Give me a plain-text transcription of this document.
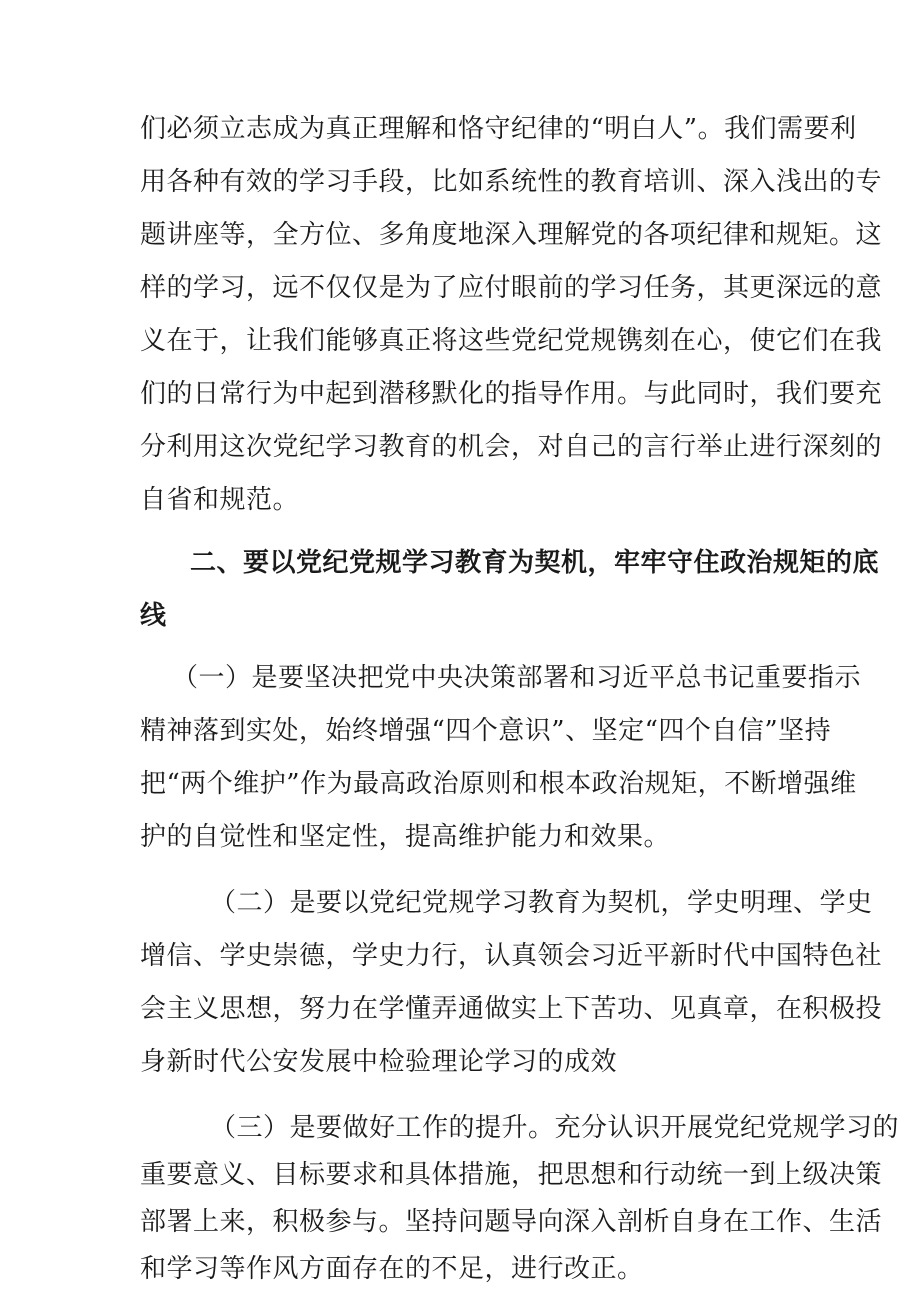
们必须立志成为真正理解和恪守纪律的“明白人”。我们需要利
用各种有效的学习手段，比如系统性的教育培训、深入浅出的专
题讲座等，全方位、多角度地深入理解党的各项纪律和规矩。这
样的学习，远不仅仅是为了应付眼前的学习任务，其更深远的意
义在于，让我们能够真正将这些党纪党规镌刻在心，使它们在我
们的日常行为中起到潜移默化的指导作用。与此同时，我们要充
分利用这次党纪学习教育的机会，对自己的言行举止进行深刻的
自省和规范。
二、要以党纪党规学习教育为契机，牢牢守住政治规矩的底
线
（一）是要坚决把党中央决策部署和习近平总书记重要指示
精神落到实处，始终增强“四个意识”、坚定“四个自信”坚持
把“两个维护”作为最高政治原则和根本政治规矩，不断增强维
护的自觉性和坚定性，提高维护能力和效果。
（二）是要以党纪党规学习教育为契机，学史明理、学史
增信、学史崇德，学史力行，认真领会习近平新时代中国特色社
会主义思想，努力在学懂弄通做实上下苦功、见真章，在积极投
身新时代公安发展中检验理论学习的成效
（三）是要做好工作的提升。充分认识开展党纪党规学习的
重要意义、目标要求和具体措施，把思想和行动统一到上级决策
部署上来，积极参与。坚持问题导向深入剖析自身在工作、生活
和学习等作风方面存在的不足，进行改正。
